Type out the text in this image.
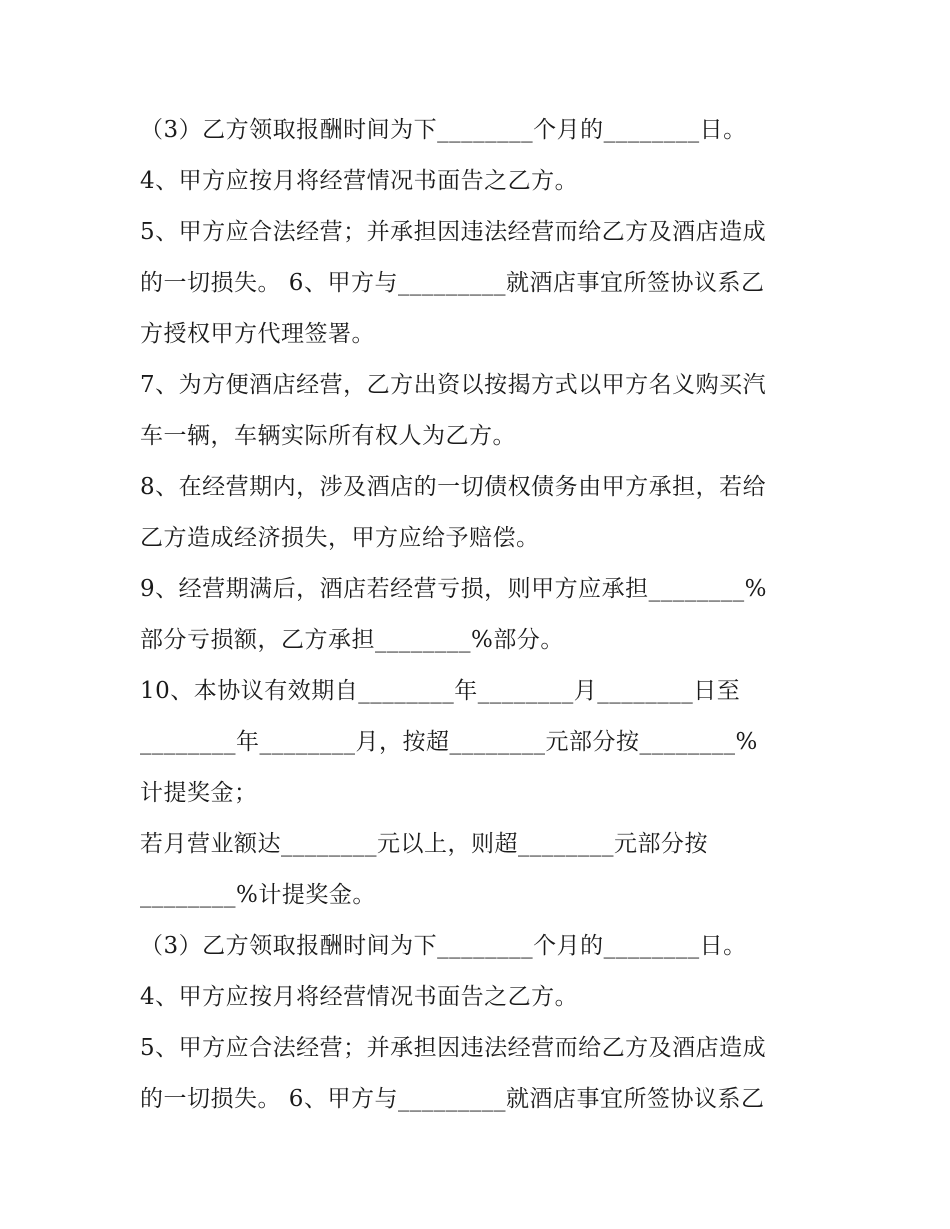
（3）乙方领取报酬时间为下________个月的________日。
4、甲方应按月将经营情况书面告之乙方。
5、甲方应合法经营；并承担因违法经营而给乙方及酒店造成
的一切损失。 6、甲方与_________就酒店事宜所签协议系乙
方授权甲方代理签署。
7、为方便酒店经营，乙方出资以按揭方式以甲方名义购买汽
车一辆，车辆实际所有权人为乙方。
8、在经营期内，涉及酒店的一切债权债务由甲方承担，若给
乙方造成经济损失，甲方应给予赔偿。
9、经营期满后，酒店若经营亏损，则甲方应承担________%
部分亏损额，乙方承担________%部分。
10、本协议有效期自________年________月________日至
________年________月，按超________元部分按________%
计提奖金；
若月营业额达________元以上，则超________元部分按
________%计提奖金。
（3）乙方领取报酬时间为下________个月的________日。
4、甲方应按月将经营情况书面告之乙方。
5、甲方应合法经营；并承担因违法经营而给乙方及酒店造成
的一切损失。 6、甲方与_________就酒店事宜所签协议系乙
